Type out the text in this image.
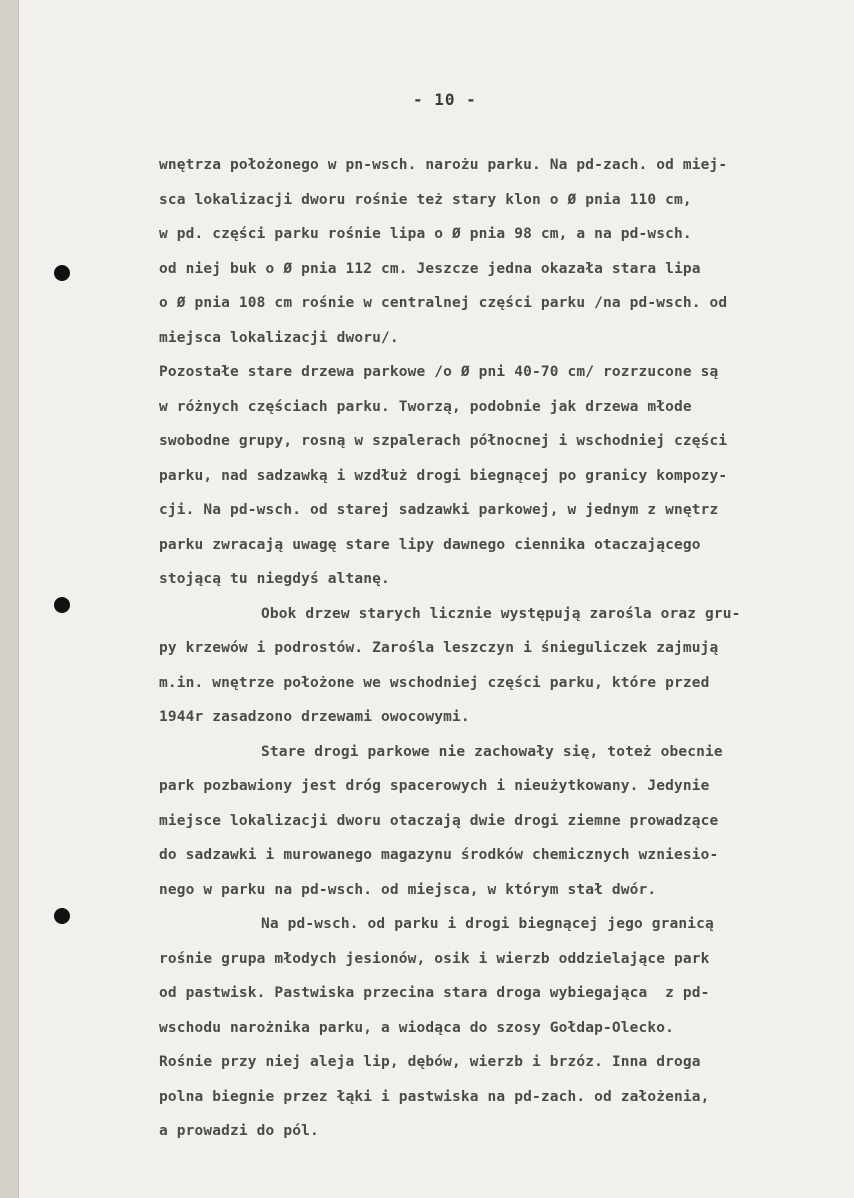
- 10 -
wnętrza położonego w pn-wsch. narożu parku. Na pd-zach. od miej-
sca lokalizacji dworu rośnie też stary klon o Ø pnia 110 cm,
w pd. części parku rośnie lipa o Ø pnia 98 cm, a na pd-wsch.
od niej buk o Ø pnia 112 cm. Jeszcze jedna okazała stara lipa
o Ø pnia 108 cm rośnie w centralnej części parku /na pd-wsch. od
miejsca lokalizacji dworu/.
Pozostałe stare drzewa parkowe /o Ø pni 40-70 cm/ rozrzucone są
w różnych częściach parku. Tworzą, podobnie jak drzewa młode
swobodne grupy, rosną w szpalerach północnej i wschodniej części
parku, nad sadzawką i wzdłuż drogi biegnącej po granicy kompozy-
cji. Na pd-wsch. od starej sadzawki parkowej, w jednym z wnętrz
parku zwracają uwagę stare lipy dawnego ciennika otaczającego
stojącą tu niegdyś altanę.
Obok drzew starych licznie występują zarośla oraz gru-
py krzewów i podrostów. Zarośla leszczyn i śnieguliczek zajmują
m.in. wnętrze położone we wschodniej części parku, które przed
1944r zasadzono drzewami owocowymi.
Stare drogi parkowe nie zachowały się, toteż obecnie
park pozbawiony jest dróg spacerowych i nieużytkowany. Jedynie
miejsce lokalizacji dworu otaczają dwie drogi ziemne prowadzące
do sadzawki i murowanego magazynu środków chemicznych wzniesio-
nego w parku na pd-wsch. od miejsca, w którym stał dwór.
Na pd-wsch. od parku i drogi biegnącej jego granicą
rośnie grupa młodych jesionów, osik i wierzb oddzielające park
od pastwisk. Pastwiska przecina stara droga wybiegająca  z pd-
wschodu narożnika parku, a wiodąca do szosy Gołdap-Olecko.
Rośnie przy niej aleja lip, dębów, wierzb i brzóz. Inna droga
polna biegnie przez łąki i pastwiska na pd-zach. od założenia,
a prowadzi do pól.
